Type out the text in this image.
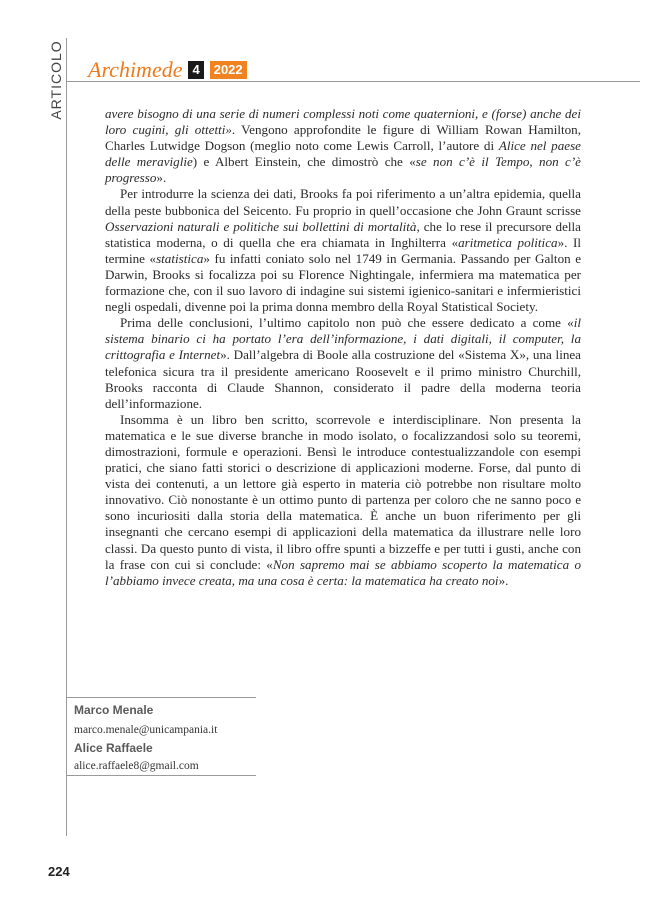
ARTICOLO Archimede 4	2022

avere bisogno di una serie di numeri complessi noti come quaternioni, e (forse) anche dei loro cugini, gli ottetti». Vengono approfondite le figure di William Rowan Hamilton, Charles Lutwidge Dogson (meglio noto come Lewis Carroll, l’autore di Alice nel paese delle meraviglie) e Albert Einstein, che dimostrò che «se non c’è il Tempo, non c’è progresso».

Per introdurre la scienza dei dati, Brooks fa poi riferimento a un’altra epidemia, quella della peste bubbonica del Seicento. Fu proprio in quell’occasione che John Graunt scrisse Osservazioni naturali e politiche sui bollettini di mortalità, che lo rese il precursore della statistica moderna, o di quella che era chiamata in Inghilterra «aritmetica politica». Il termine «statistica» fu infatti coniato solo nel 1749 in Germania. Passando per Galton e Darwin, Brooks si focalizza poi su Florence Nightingale, infermiera ma matematica per formazione che, con il suo lavoro di indagine sui sistemi igienico-sanitari e infermieristici negli ospedali, divenne poi la prima donna membro della Royal Statistical Society.

Prima delle conclusioni, l’ultimo capitolo non può che essere dedicato a come «il sistema binario ci ha portato l’era dell’informazione, i dati digitali, il computer, la crittografia e Internet». Dall’algebra di Boole alla costruzione del «Sistema X», una linea telefonica sicura tra il presidente americano Roosevelt e il primo ministro Churchill, Brooks racconta di Claude Shannon, considerato il padre della moderna teoria dell’informazione.

Insomma è un libro ben scritto, scorrevole e interdisciplinare. Non presenta la matematica e le sue diverse branche in modo isolato, o focalizzandosi solo su teoremi, dimostrazioni, formule e operazioni. Bensì le introduce contestualizzandole con esempi pratici, che siano fatti storici o descrizione di applicazioni moderne. Forse, dal punto di vista dei contenuti, a un lettore già esperto in materia ciò potrebbe non risultare molto innovativo. Ciò nonostante è un ottimo punto di partenza per coloro che ne sanno poco e sono incuriositi dalla storia della matematica. È anche un buon riferimento per gli insegnanti che cercano esempi di applicazioni della matematica da illustrare nelle loro classi. Da questo punto di vista, il libro offre spunti a bizzeffe e per tutti i gusti, anche con la frase con cui si conclude: «Non sapremo mai se abbiamo scoperto la matematica o l’abbiamo invece creata, ma una cosa è certa: la matematica ha creato noi».

Marco Menale
marco.menale@unicampania.it
Alice Raffaele
alice.raffaele8@gmail.com
224
